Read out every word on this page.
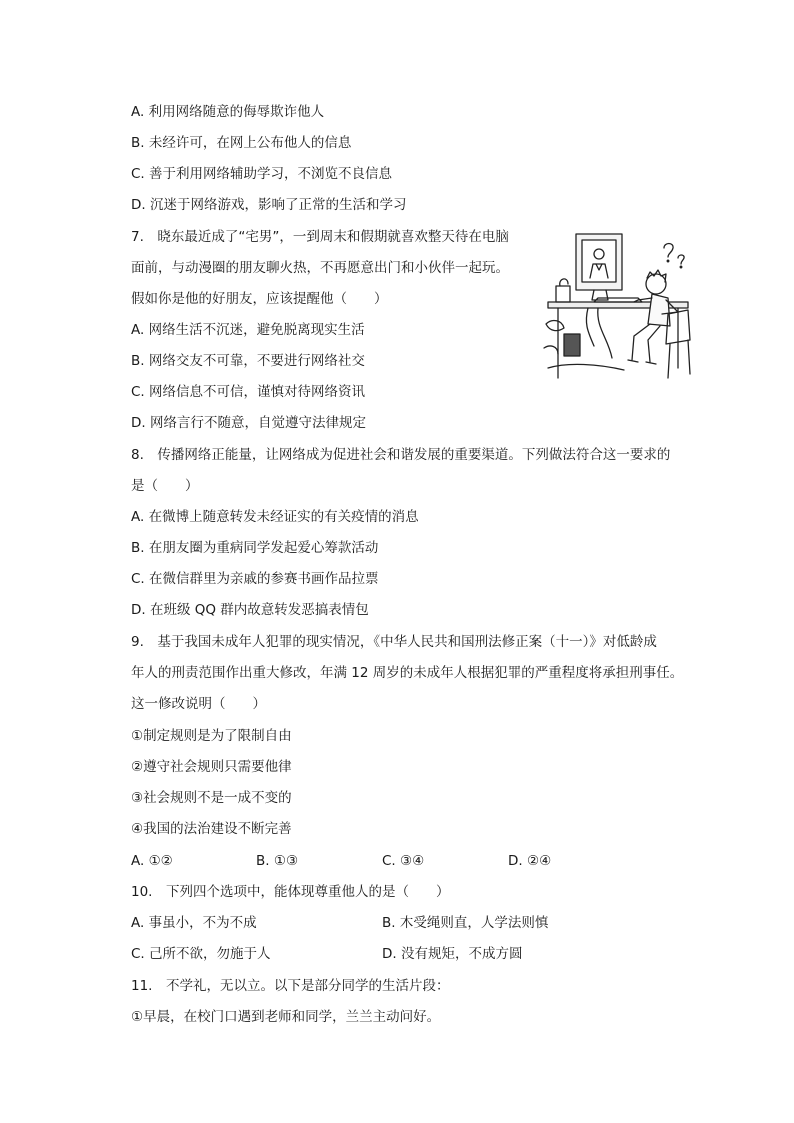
A. 利用网络随意的侮辱欺诈他人
B. 未经许可，在网上公布他人的信息
C. 善于利用网络辅助学习，不浏览不良信息
D. 沉迷于网络游戏，影响了正常的生活和学习
7.　晓东最近成了“宅男”，一到周末和假期就喜欢整天待在电脑
面前，与动漫圈的朋友聊火热，不再愿意出门和小伙伴一起玩。
假如你是他的好朋友，应该提醒他（　　）
A. 网络生活不沉迷，避免脱离现实生活
B. 网络交友不可靠，不要进行网络社交
C. 网络信息不可信，谨慎对待网络资讯
D. 网络言行不随意，自觉遵守法律规定
8.　传播网络正能量，让网络成为促进社会和谐发展的重要渠道。下列做法符合这一要求的
是（　　）
A. 在微博上随意转发未经证实的有关疫情的消息
B. 在朋友圈为重病同学发起爱心筹款活动
C. 在微信群里为亲戚的参赛书画作品拉票
D. 在班级 QQ 群内故意转发恶搞表情包
9.　基于我国未成年人犯罪的现实情况，《中华人民共和国刑法修正案（十一）》对低龄成
年人的刑责范围作出重大修改，年满 12 周岁的未成年人根据犯罪的严重程度将承担刑事任。
这一修改说明（　　）
①制定规则是为了限制自由
②遵守社会规则只需要他律
③社会规则不是一成不变的
④我国的法治建设不断完善
A. ①②	B. ①③	C. ③④	D. ②④
10.　下列四个选项中，能体现尊重他人的是（　　）
A. 事虽小，不为不成	B. 木受绳则直，人学法则慎
C. 己所不欲，勿施于人	D. 没有规矩，不成方圆
11.　不学礼，无以立。以下是部分同学的生活片段：
①早晨，在校门口遇到老师和同学，兰兰主动问好。
